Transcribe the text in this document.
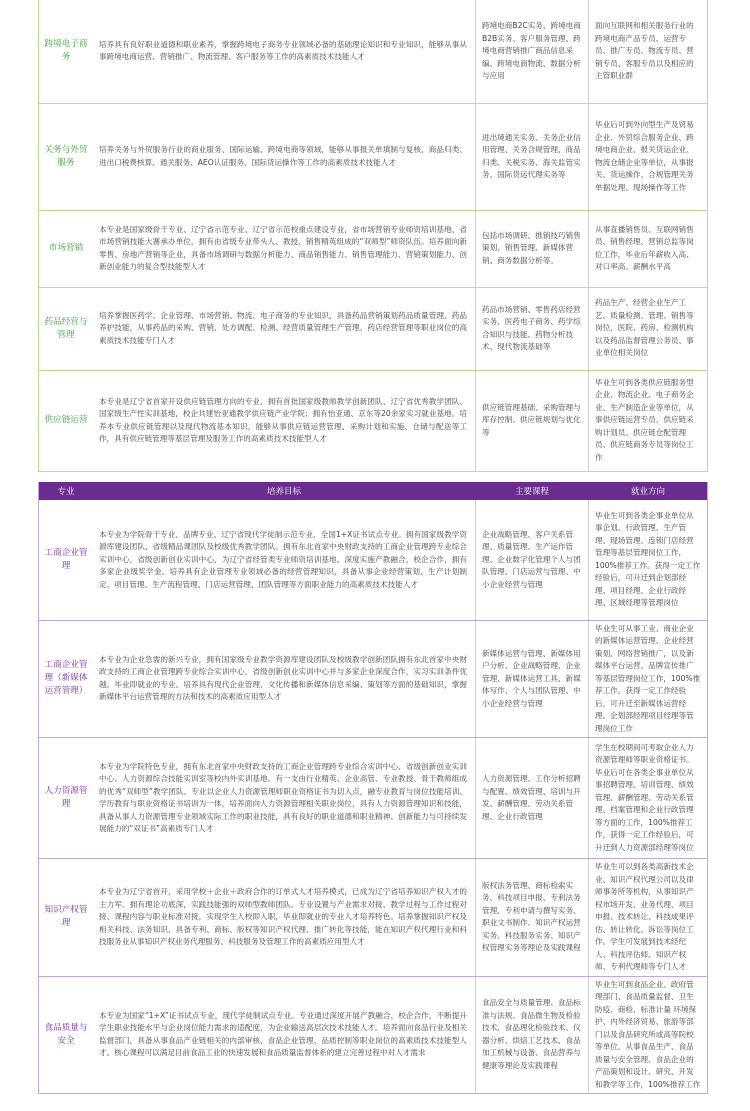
跨境电子商务	培养具有良好职业道德和职业素养，掌握跨境电子商务专业领域必备的基础理论知识和专业知识，能够从事从事跨境电商运营、营销推广、物流管理、客户服务等工作的高素质技术技能人才		跨境电商B2C实务、跨境电商B2B实务、客户服务管理、跨境电商营销推广商品信息采编、跨境电商物流、数据分析与应用		面向互联网和相关服务行业的跨境电商产品专员、运营专员、推广专员、物流专员、营销专员、客服专员以及相应的主管职业群
关务与外贸服务	培养关务与外贸服务行业的商业服务、国际运输、跨境电商等领域，能够从事报关单填制与复核、商品归类、进出口税费核算、通关服务、AEO认证服务、国际货运操作等工作的高素质技术技能人才		进出境通关实务、关务企业信用管理、关务合规管理、商品归类、关税实务、海关监管实务、国际货运代理实务等		毕业后可到外向型生产及贸易企业、外贸综合服务企业、跨境电商企业、报关货运企业、物流仓储企业等单位，从事报关、货运操作、合规管理关务单据处理、现场操作等工作
市场营销	本专业是国家级骨干专业、辽宁省示范专业、辽宁省示范校重点建设专业，省市场营销专业师资培训基地、省市场营销技能大赛承办单位，拥有由省级专业带头人、教授、销售精英组成的“双师型”师资队伍。培养面向新零售、房地产营销等企业，具备市场调研与数据分析能力、商品销售能力、销售管理能力、营销策划能力、创新创业能力的复合型技能型人才		包括市场调研、推销技巧销售策划、销售管理、新媒体营销、商务数据分析等。		从事直播销售员、互联网销售员、销售经理、营销总监等岗位工作，毕业后年薪收入高、对口率高、薪酬水平高
药品经营与管理	培养掌握医药学、企业管理、市场营销、物流、电子商务的专业知识，具备药品营销策划药品质量管理、药品养护技能，从事药品的采购、营销、处方调配、检测、经营质量管理生产管理、药店经营管理等职业岗位的高素质技术技能专门人才		药品市场营销、零售药店经营实务、医药电子商务、药学综合知识与技能、药物分析技术、现代物流基础等		药品生产、经营企业生产工艺、质量检测、管理、销售等岗位，医院、药房、检测机构以及药品监督管理公务员、事业单位相关岗位
供应链运营	本专业是辽宁省首家开设供应链管理方向的专业，拥有首批国家级教师教学创新团队、辽宁省优秀教学团队、国家级生产性实训基地，校企共建怡亚通教学供应链产业学院；拥有怡亚通、京东等20余家实习就业基地。培养本专业供应链管理以及现代物流基本知识，能够从事供应链运营管理、采购计划和实施、仓储与配送等工作，具有供应链管理等基层管理及服务工作的高素质技术技能型人才		供应链管理基础、采购管理与库存控制、供应链规划与优化等		毕业生可到各类供应链服务型企业、物流企业、电子商务企业、生产制造企业等单位，从事供应链运营专员、供应链采购计划员、供应链仓配管理员、供应链商务专员等岗位工作
专业	培养目标		主要课程		就业方向
工商企业管理	本专业为学院骨干专业、品牌专业、辽宁省现代学徒制示范专业、全国1+X证书试点专业。拥有国家级教学资源库建设团队，省级精品课团队及校级优秀教学团队。拥有东北首家中央财政支持的工商企业管理跨专业综合实训中心，省级创新创业实训中心，为辽宁省经管类专业师资培训基地。深度实施产教融合，校企合作，拥有多家企业级奖学金。培养具有企业管理专业领域必备的经营管理知识，具备从事企业经营策划、生产计划制定、项目管理、生产流程管理、门店运营管理、团队管理等方面职业能力的高素质技术技能人才		企业战略管理、客户关系管理、质量管理、生产运作管理、企业数字化管理个人与团队管理、门店运营与管理、中小企业经营与管理		毕业生可到各类企事业单位从事企划、行政管理、生产管理、现场管理、连锁门店经营管理等基层管理岗位工作，100%推荐工作。获得一定工作经验后，可升迁到企划部经理、项目经理、企业行政经理、区域经理等管理岗位
工商企业管理（新媒体运营管理）	本专业为企业急需的新兴专业，拥有国家级专业教学资源库建设团队及校级教学创新团队拥有东北首家中央财政支持的工商企业管理跨专业综合实训中心，省级创新创业实训中心并与多家企业深度合作，实习实训条件优越。毕业即就业的专业。培养具有现代企业管理、文化传播和新媒体信息采编、策划等方面的基础知识，掌握新媒体平台运营管理的方法和技术的高素质应用型人才		新媒体运营与管理、新媒体用户分析、企业战略管理、企业管理、新媒体运营工具、新媒体写作、个人与团队管理、中小企业经营与管理		毕业生可从事工业、商业企业的新媒体运营管理、企业经营策划、网络营销推广，以及新媒体平台运营、品牌宣传推广等基层管理岗位工作，100%推荐工作。获得一定工作经验后，可升迁至新媒体运营经理、企划部经理项目经理等管理岗位工作
人力资源管理	本专业为学院特色专业，拥有东北首家中央财政支持的工商企业管理跨专业综合实训中心、省级创新创业实训中心、人力资源综合技能实训室等校内外实训基地。有一支由行业精英、企业高管、专业教授、骨干教师组成的优秀“双师型”教学团队。专业以企业人力资源管理师职业资格证书为切入点，融专业教育与岗位技能培训、学历教育与职业资格证书培训为一体，培养面向人力资源管理相关职业岗位，具有人力资源管理知识和技能，具备从事人力资源管理专业领域实际工作的职业技能，具有良好的职业道德和职业精神、创新能力与可持续发展能力的“双证书”高素质专门人才		人力资源管理、工作分析招聘与配置、绩效管理、培训与开发、薪酬管理、劳动关系管理、企业行政管理		学生在校期间可考取企业人力资源管理师等职业资格证书。毕业后可在各类企事业单位从事招聘管理、培训管理、绩效管理、薪酬管理、劳动关系管理、档案管理和企业行政管理等方面的工作，100%推荐工作，获得一定工作经验后，可升迁到人力资源部经理等岗位
知识产权管理	本专业为辽宁省首开，采用学校＋企业＋政府合作的订单式人才培养模式，已成为辽宁省培养知识产权人才的主力军。拥有理论功底深，实践技能强的双师型教师团队。专业设置与产业需求对接、教学过程与工作过程对接、课程内容与职业标准对接，实现学生入校即入职，毕业即就业的专业人才培养特色。培养掌握知识产权及相关科技、法务知识，具备专利、商标、版权等知识产权代理、推广转化等技能，能在知识产权代理行业和科技服务业从事知识产权业务代理服务、科技服务及管理工作的高素质应用型人才		版权法务管理、商标检索实务、科技项目申报、专利法务管理、专利申请与撰写实务、职业文书制作、知识产权运营实务、科技服务实务、知识产权管理实务等理论及实践课程		毕业生可以到各类高新技术企业、知识产权代理公司以及律师事务所等机构，从事知识产权市场开发、业务代理、项目申报、技术转让、科技成果评估、转让转化、诉讼等岗位工作。学生可发展到技术经纪人、科技评估师、知识产权师、专利代理师等专门人才
食品质量与安全	本专业为国家“1+X”证书试点专业，现代学徒制试点专业。专业通过深度开展产教融合，校企合作，不断提升学生职业技能水平与企业岗位能力需求的适配度，为企业输送高层次技术技能人才。培养面向食品行业及相关监督部门，具备从事食品产业链相关的内部审核、食品企业管理、品质控制等职业岗位的高素质技术技能型人才。核心课程可以满足目前食品工业的快速发展和食品质量监督体系的建立完善过程中对人才需求		食品安全与质量管理、食品标准与法规、食品微生物及检验技术、食品理化检验技术、仪器分析、烘焙工艺技术、食品加工机械与设备、食品营养与健康等理论及实践课程		毕业生可到食品企业、政府管理部门、食品质量监督、卫生防疫、商检、标准计量 环境保护、内外经济贸易、旅游等部门以及食品研究所或高等院校等单位，从事食品生产、食品质量与安全管理、食品企业的产品策划和设计、研究、开发和教学等工作，100%推荐工作
